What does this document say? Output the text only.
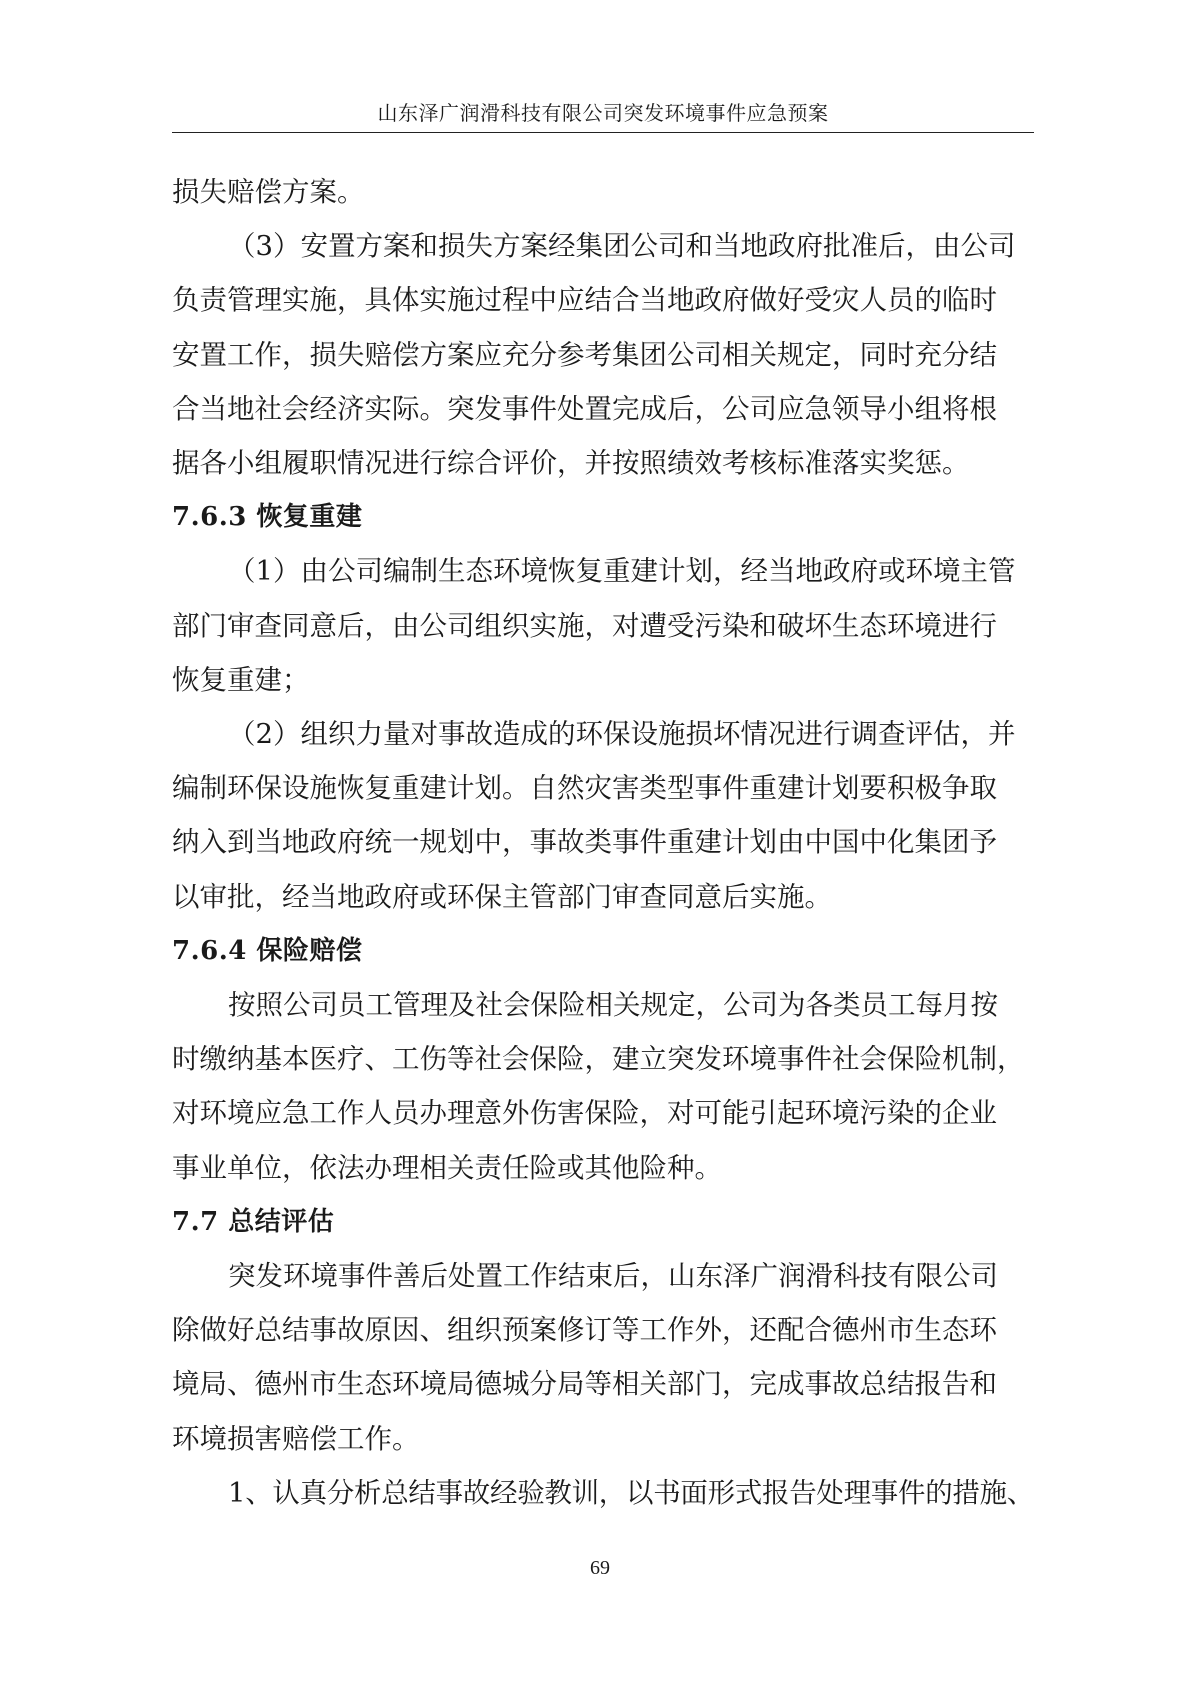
山东泽广润滑科技有限公司突发环境事件应急预案

损失赔偿方案。

（3）安置方案和损失方案经集团公司和当地政府批准后，由公司

负责管理实施，具体实施过程中应结合当地政府做好受灾人员的临时

安置工作，损失赔偿方案应充分参考集团公司相关规定，同时充分结

合当地社会经济实际。突发事件处置完成后，公司应急领导小组将根

据各小组履职情况进行综合评价，并按照绩效考核标准落实奖惩。

7.6.3 恢复重建

（1）由公司编制生态环境恢复重建计划，经当地政府或环境主管

部门审查同意后，由公司组织实施，对遭受污染和破坏生态环境进行

恢复重建；

（2）组织力量对事故造成的环保设施损坏情况进行调查评估，并

编制环保设施恢复重建计划。自然灾害类型事件重建计划要积极争取

纳入到当地政府统一规划中，事故类事件重建计划由中国中化集团予

以审批，经当地政府或环保主管部门审查同意后实施。

7.6.4 保险赔偿

按照公司员工管理及社会保险相关规定，公司为各类员工每月按

时缴纳基本医疗、工伤等社会保险，建立突发环境事件社会保险机制，

对环境应急工作人员办理意外伤害保险，对可能引起环境污染的企业

事业单位，依法办理相关责任险或其他险种。

7.7 总结评估

突发环境事件善后处置工作结束后，山东泽广润滑科技有限公司

除做好总结事故原因、组织预案修订等工作外，还配合德州市生态环

境局、德州市生态环境局德城分局等相关部门，完成事故总结报告和

环境损害赔偿工作。

1、认真分析总结事故经验教训，以书面形式报告处理事件的措施、

69
